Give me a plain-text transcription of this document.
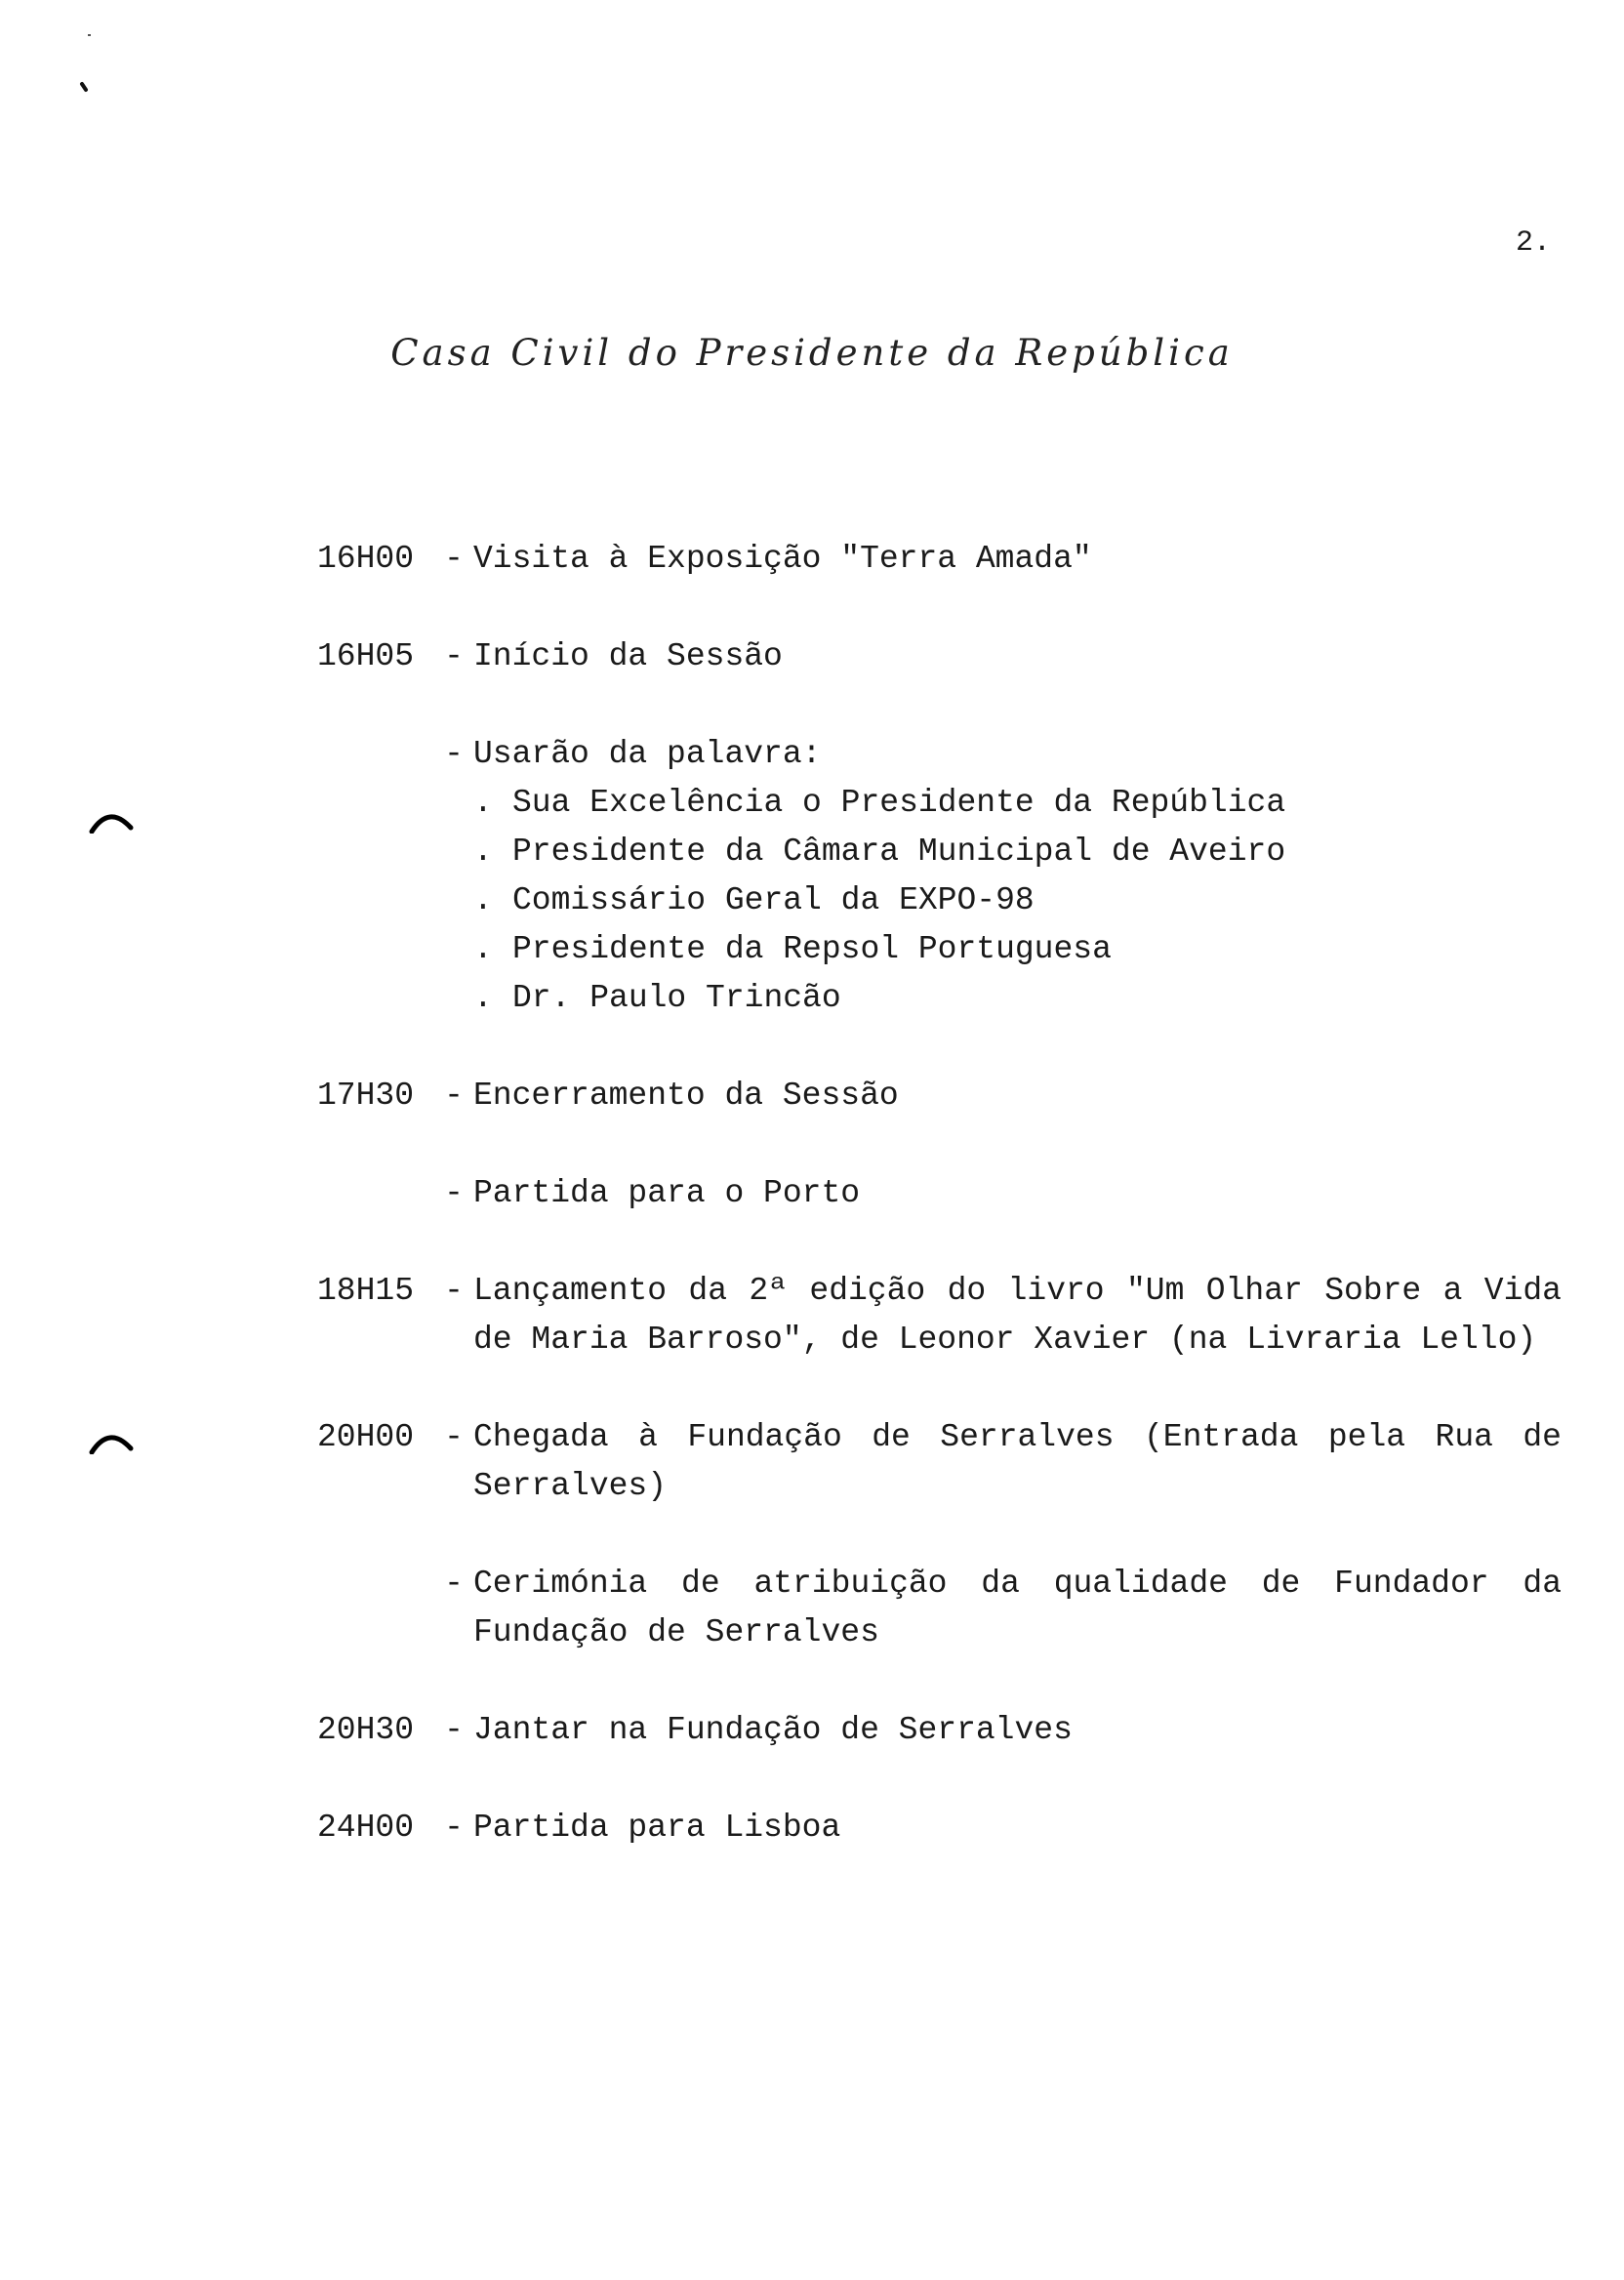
2.
Casa Civil do Presidente da República
16H00 - Visita à Exposição "Terra Amada"
16H05 - Início da Sessão
- Usarão da palavra:
. Sua Excelência o Presidente da República
. Presidente da Câmara Municipal de Aveiro
. Comissário Geral da EXPO-98
. Presidente da Repsol Portuguesa
. Dr. Paulo Trincão
17H30 - Encerramento da Sessão
- Partida para o Porto
18H15 - Lançamento da 2ª edição do livro "Um Olhar Sobre a Vida de Maria Barroso", de Leonor Xavier (na Livraria Lello)
20H00 - Chegada à Fundação de Serralves (Entrada pela Rua de Serralves)
- Cerimónia de atribuição da qualidade de Fundador da Fundação de Serralves
20H30 - Jantar na Fundação de Serralves
24H00 - Partida para Lisboa
